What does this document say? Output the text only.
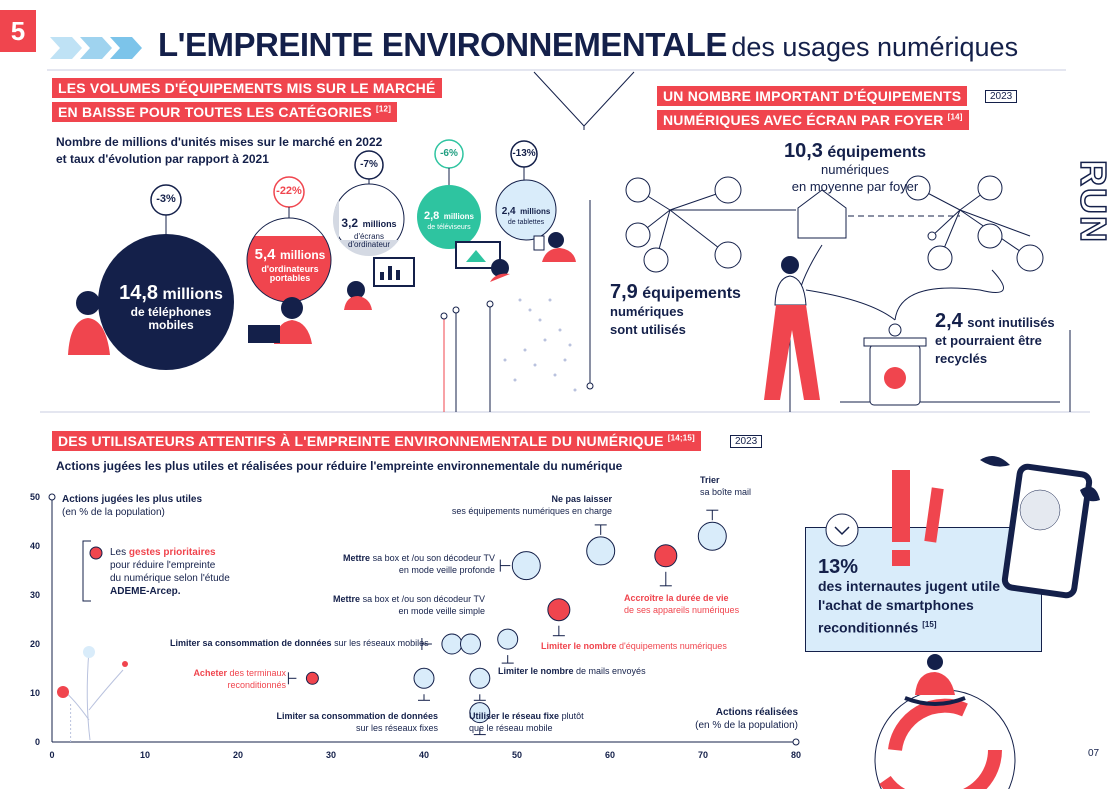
5	L'EMPREINTE ENVIRONNEMENTALE des usages numériques
RUN
LES VOLUMES D'ÉQUIPEMENTS MIS SUR LE MARCHÉ
EN BAISSE POUR TOUTES LES CATÉGORIES [12]
Nombre de millions d'unités mises sur le marché en 2022
et taux d'évolution par rapport à 2021
-3%
-22%
-7%
-6%	-13%
14,8 millions
de téléphones mobiles
5,4 millions
d'ordinateurs portables
3,2 millions
d'écrans d'ordinateur
2,8 millions
de téléviseurs
2,4 millions
de tablettes
UN NOMBRE IMPORTANT D'ÉQUIPEMENTS	2023
NUMÉRIQUES AVEC ÉCRAN PAR FOYER [14]
10,3 équipements
numériques
en moyenne par foyer
7,9 équipements
numériques
sont utilisés	2,4 sont inutilisés
et pourraient être
recyclés
DES UTILISATEURS ATTENTIFS À L'EMPREINTE ENVIRONNEMENTALE DU NUMÉRIQUE [14;15]	2023
Actions jugées les plus utiles et réalisées pour réduire l'empreinte environnementale du numérique
0	10	20	30	40	50	60	70	80
0
10
20
30
40
50 Actions jugées les plus utiles
(en % de la population)
Actions réalisées
(en % de la population)
Les gestes prioritaires
pour réduire l'empreinte
du numérique selon l'étude
ADEME-Arcep.
Trier
sa boîte mail
Ne pas laisser
ses équipements numériques en charge
Accroître la durée de vie
de ses appareils numériques
Mettre sa box et /ou son décodeur TV en mode veille profonde
Mettre sa box et /ou son décodeur TV en mode veille simple
Limiter le nombre d'équipements numériques
Limiter sa consommation de données sur les réseaux mobiles
Limiter le nombre de mails envoyés
Limiter sa consommation de données
sur les réseaux fixes
Acheter des terminaux reconditionnés
Utiliser le réseau fixe plutôt que le réseau mobile
13%
des internautes jugent utile
l'achat de smartphones
reconditionnés [15]
07
